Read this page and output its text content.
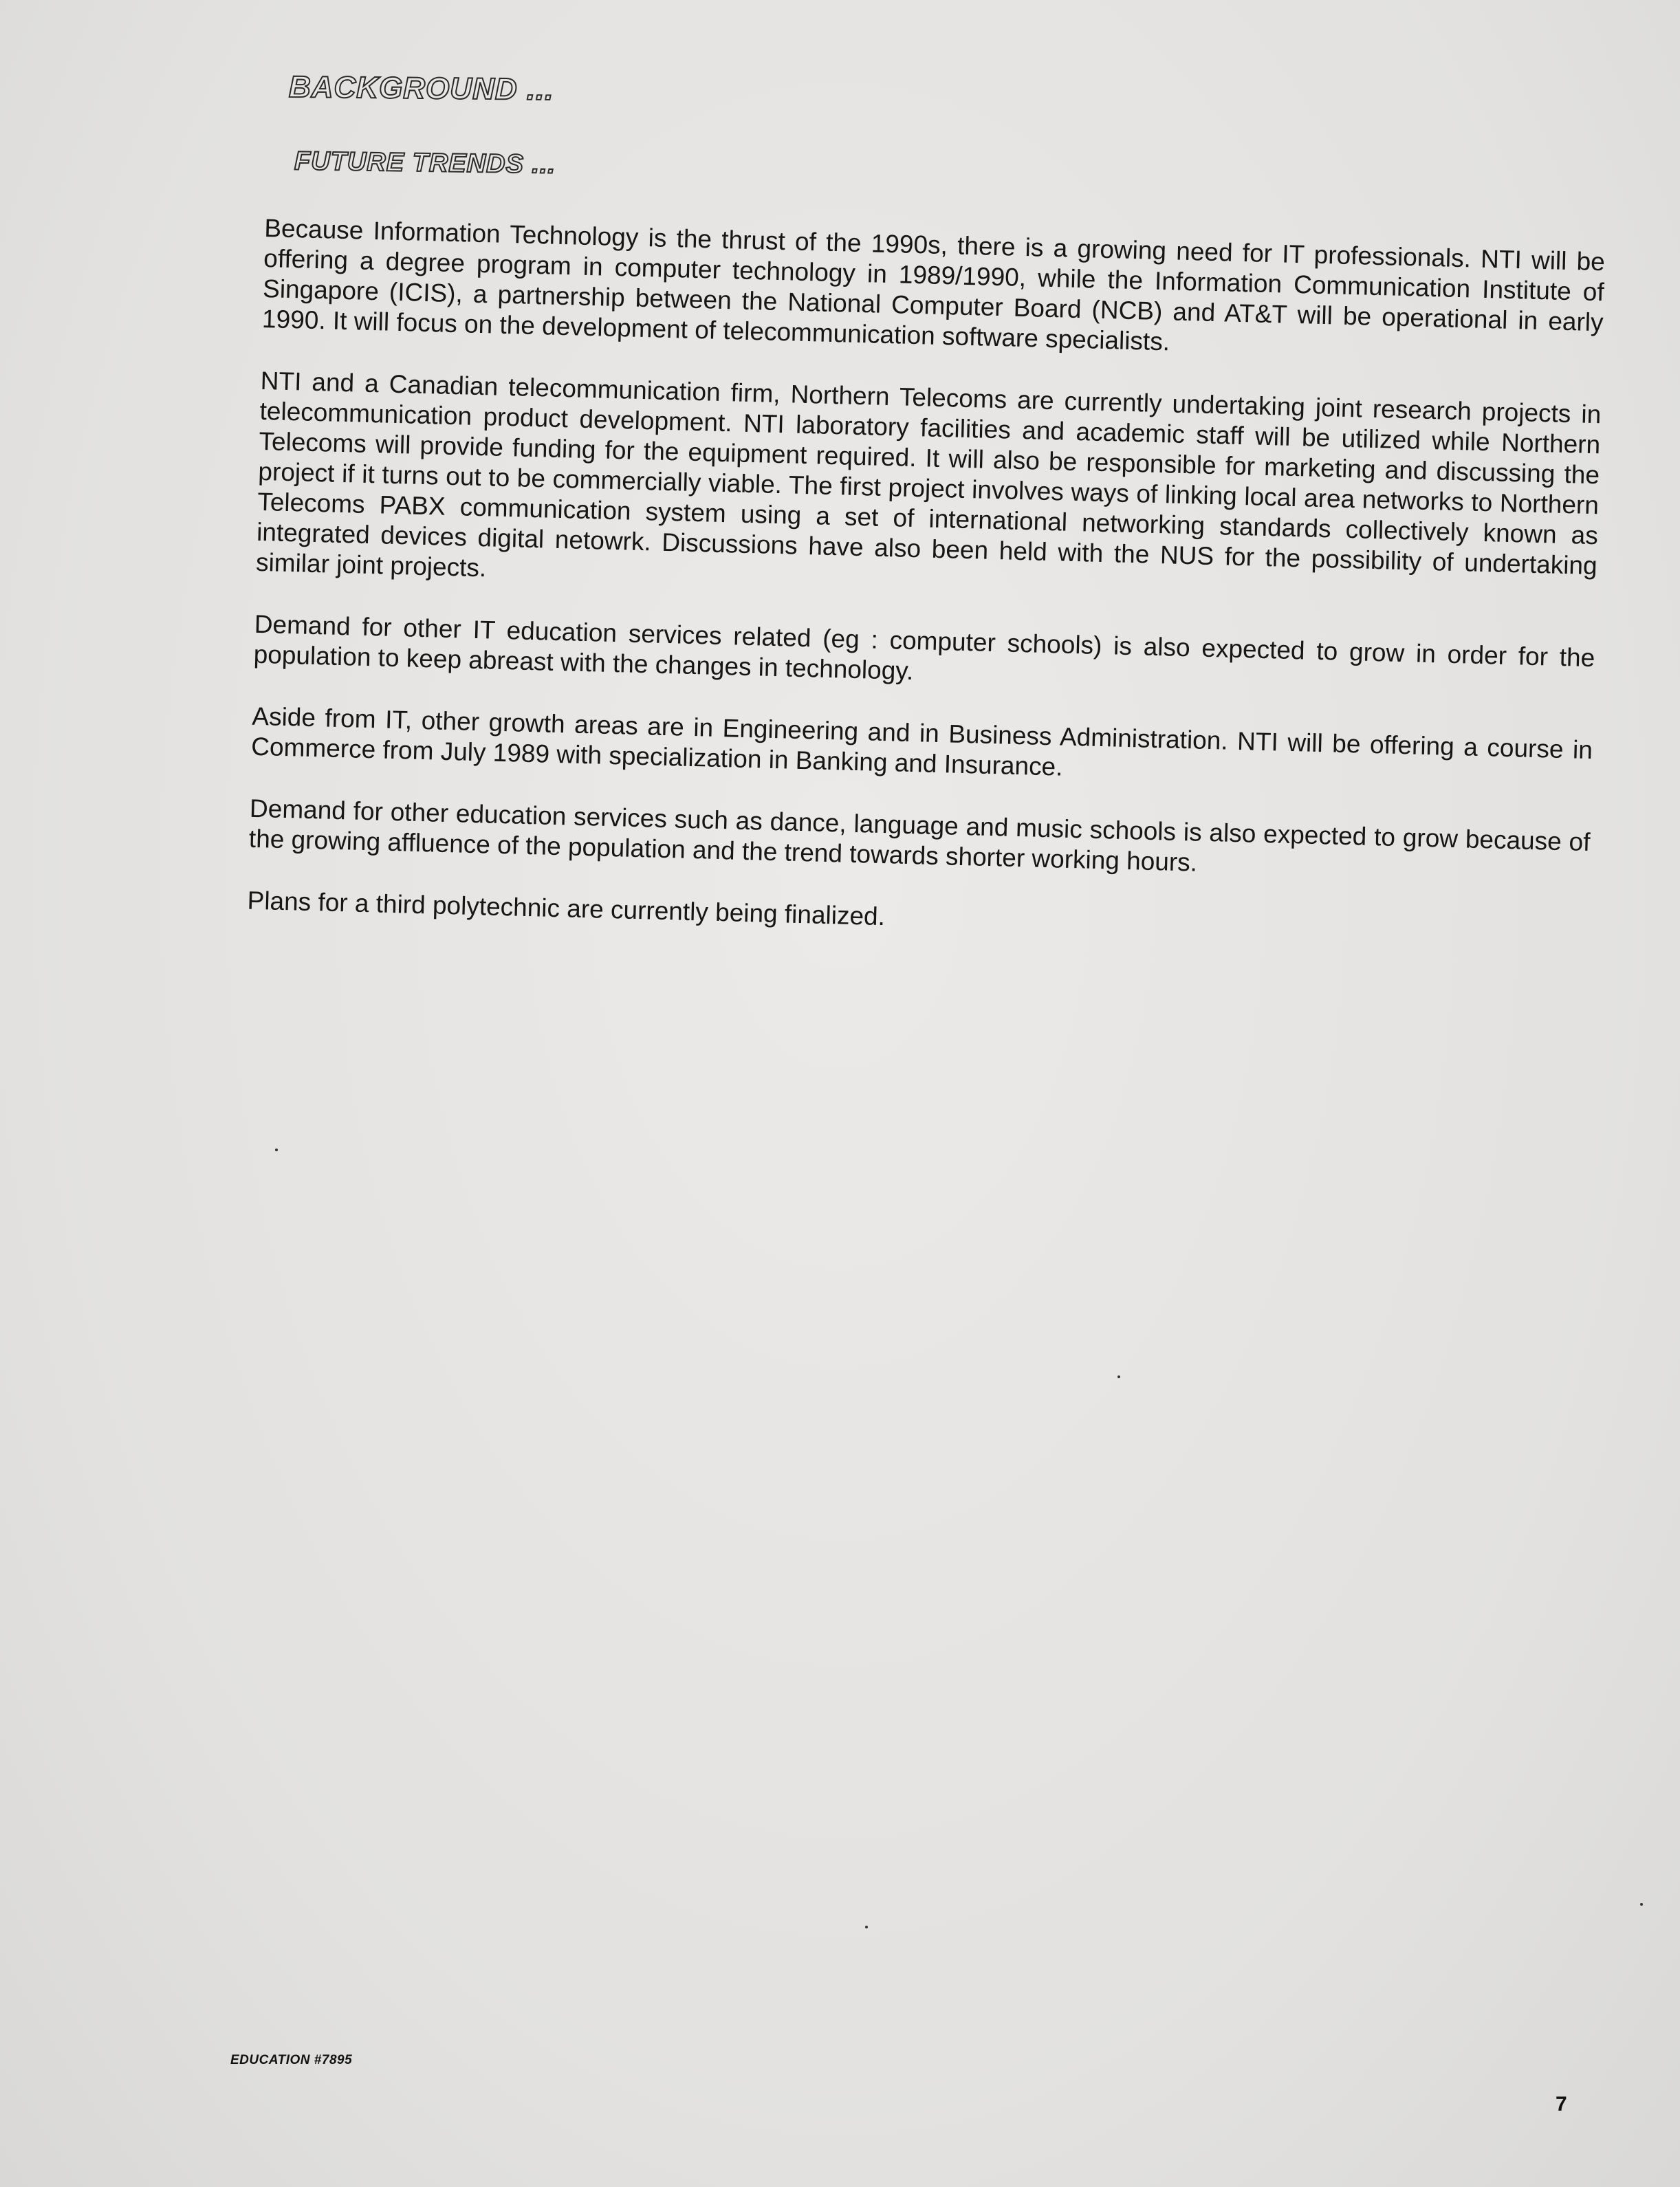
BACKGROUND ...
FUTURE TRENDS ...

Because Information Technology is the thrust of the 1990s, there is a growing need for IT professionals. NTI will be offering a degree program in computer technology in 1989/1990, while the Information Communication Institute of Singapore (ICIS), a partnership between the National Computer Board (NCB) and AT&T will be operational in early 1990. It will focus on the development of telecommunication software specialists.

NTI and a Canadian telecommunication firm, Northern Telecoms are currently undertaking joint research projects in telecommunication product development. NTI laboratory facilities and academic staff will be utilized while Northern Telecoms will provide funding for the equipment required. It will also be responsible for marketing and discussing the project if it turns out to be commercially viable. The first project involves ways of linking local area networks to Northern Telecoms PABX communication system using a set of international networking standards collectively known as integrated devices digital netowrk. Discussions have also been held with the NUS for the possibility of undertaking similar joint projects.

Demand for other IT education services related (eg : computer schools) is also expected to grow in order for the population to keep abreast with the changes in technology.

Aside from IT, other growth areas are in Engineering and in Business Administration. NTI will be offering a course in Commerce from July 1989 with specialization in Banking and Insurance.

Demand for other education services such as dance, language and music schools is also expected to grow because of the growing affluence of the population and the trend towards shorter working hours.

Plans for a third polytechnic are currently being finalized.

EDUCATION #7895
7
